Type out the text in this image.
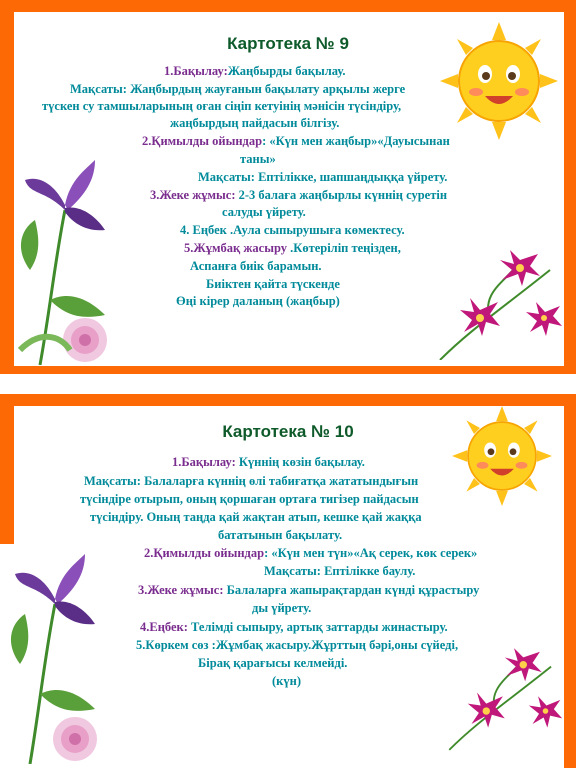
Картотека № 9
1.Бақылау:Жаңбырды бақылау.
Мақсаты: Жаңбырдың жауғанын бақылату арқылы жерге
түскен су тамшыларының оған сіңіп кетуінің мәнісін түсіндіру,
жаңбырдың пайдасын білгізу.
2.Қимылды ойындар: «Күн мен жаңбыр»«Дауысынан
таны»
Мақсаты: Ептілікке, шапшаңдыққа үйрету.
3.Жеке жұмыс: 2-3 балаға жаңбырлы күннің суретін
салуды үйрету.
4. Еңбек .Аула сыпырушыға көмектесу.
5.Жұмбақ жасыру .Көтеріліп теңізден,
Аспанға биік барамын.
Биіктен қайта түскенде
Өңі кірер даланың (жаңбыр)
Картотека № 10
1.Бақылау: Күннің көзін бақылау.
Мақсаты: Балаларға күннің өлі табиғатқа жататындығын
түсіндіре отырып, оның қоршаған ортаға тигізер пайдасын
түсіндіру. Оның таңда қай жақтан атып, кешке қай жаққа
бататынын бақылату.
2.Қимылды ойындар: «Күн мен түн»«Ақ серек, көк серек»
Мақсаты: Ептілікке баулу.
3.Жеке жұмыс: Балаларға жапырақтардан күнді құрастыру
ды үйрету.
4.Еңбек: Телімді сыпыру, артық заттарды жинастыру.
5.Көркем сөз :Жұмбақ жасыру.Жұрттың бәрі,оны сүйеді,
Бірақ қарағысы келмейді.
(күн)
